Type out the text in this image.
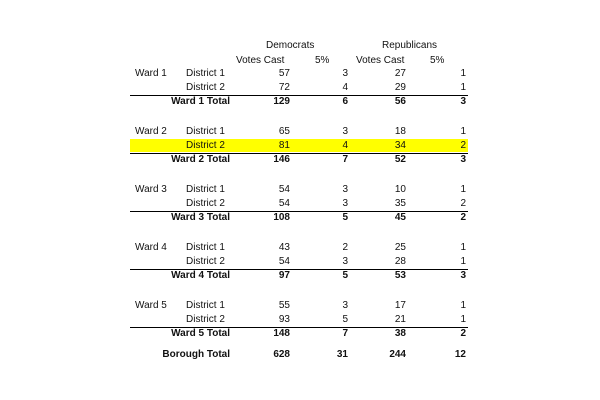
Democrats	Republicans
Votes Cast	5%	Votes Cast	5%
Ward 1 District 1	57	3	27	1
District 2	72	4	29	1
Ward 1 Total	129	6	56	3
Ward 2 District 1	65	3	18	1
District 2	81	4	34	2
Ward 2 Total	146	7	52	3
Ward 3 District 1	54	3	10	1
District 2	54	3	35	2
Ward 3 Total	108	5	45	2
Ward 4 District 1	43	2	25	1
District 2	54	3	28	1
Ward 4 Total	97	5	53	3
Ward 5 District 1	55	3	17	1
District 2	93	5	21	1
Ward 5 Total	148	7	38	2
Borough Total	628	31	244	12
